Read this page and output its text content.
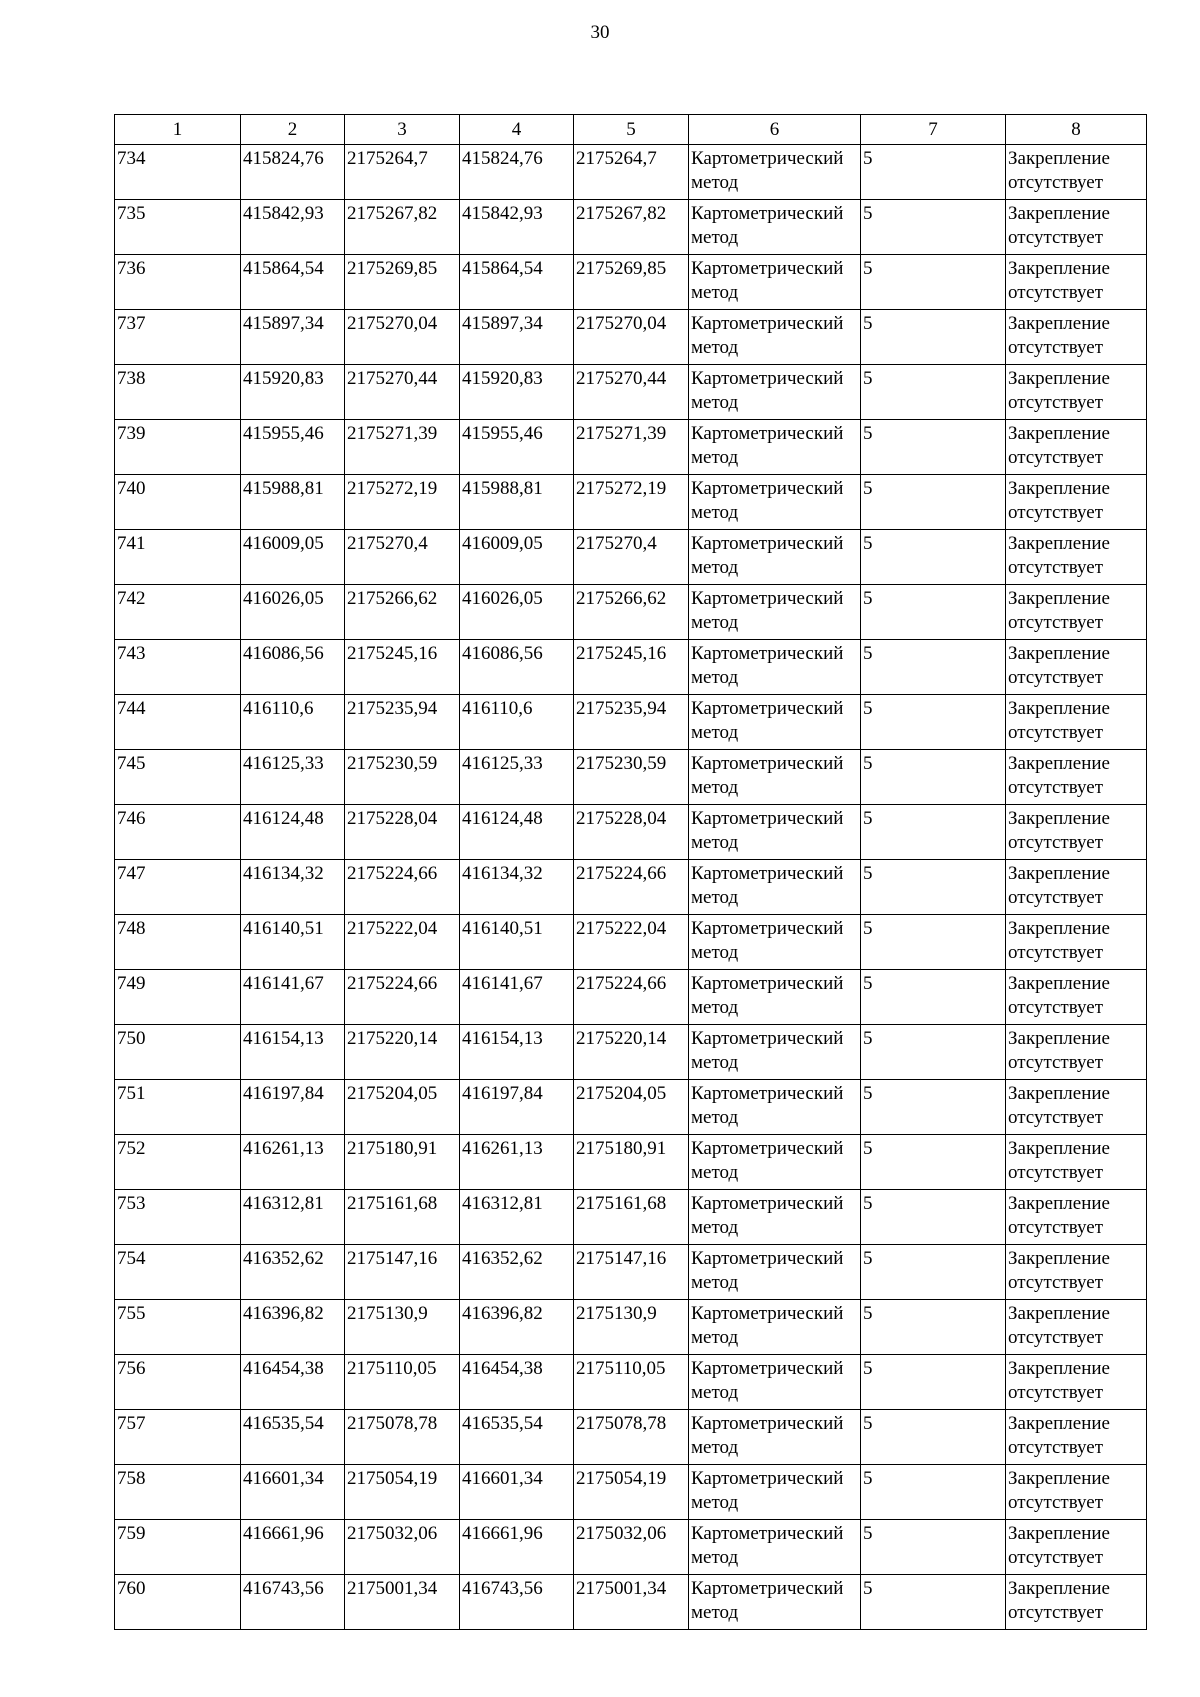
30
1	2	3	4	5	6	7	8
734	415824,76	2175264,7	415824,76	2175264,7	Картометрический метод	5	Закрепление отсутствует
735	415842,93	2175267,82	415842,93	2175267,82	Картометрический метод	5	Закрепление отсутствует
736	415864,54	2175269,85	415864,54	2175269,85	Картометрический метод	5	Закрепление отсутствует
737	415897,34	2175270,04	415897,34	2175270,04	Картометрический метод	5	Закрепление отсутствует
738	415920,83	2175270,44	415920,83	2175270,44	Картометрический метод	5	Закрепление отсутствует
739	415955,46	2175271,39	415955,46	2175271,39	Картометрический метод	5	Закрепление отсутствует
740	415988,81	2175272,19	415988,81	2175272,19	Картометрический метод	5	Закрепление отсутствует
741	416009,05	2175270,4	416009,05	2175270,4	Картометрический метод	5	Закрепление отсутствует
742	416026,05	2175266,62	416026,05	2175266,62	Картометрический метод	5	Закрепление отсутствует
743	416086,56	2175245,16	416086,56	2175245,16	Картометрический метод	5	Закрепление отсутствует
744	416110,6	2175235,94	416110,6	2175235,94	Картометрический метод	5	Закрепление отсутствует
745	416125,33	2175230,59	416125,33	2175230,59	Картометрический метод	5	Закрепление отсутствует
746	416124,48	2175228,04	416124,48	2175228,04	Картометрический метод	5	Закрепление отсутствует
747	416134,32	2175224,66	416134,32	2175224,66	Картометрический метод	5	Закрепление отсутствует
748	416140,51	2175222,04	416140,51	2175222,04	Картометрический метод	5	Закрепление отсутствует
749	416141,67	2175224,66	416141,67	2175224,66	Картометрический метод	5	Закрепление отсутствует
750	416154,13	2175220,14	416154,13	2175220,14	Картометрический метод	5	Закрепление отсутствует
751	416197,84	2175204,05	416197,84	2175204,05	Картометрический метод	5	Закрепление отсутствует
752	416261,13	2175180,91	416261,13	2175180,91	Картометрический метод	5	Закрепление отсутствует
753	416312,81	2175161,68	416312,81	2175161,68	Картометрический метод	5	Закрепление отсутствует
754	416352,62	2175147,16	416352,62	2175147,16	Картометрический метод	5	Закрепление отсутствует
755	416396,82	2175130,9	416396,82	2175130,9	Картометрический метод	5	Закрепление отсутствует
756	416454,38	2175110,05	416454,38	2175110,05	Картометрический метод	5	Закрепление отсутствует
757	416535,54	2175078,78	416535,54	2175078,78	Картометрический метод	5	Закрепление отсутствует
758	416601,34	2175054,19	416601,34	2175054,19	Картометрический метод	5	Закрепление отсутствует
759	416661,96	2175032,06	416661,96	2175032,06	Картометрический метод	5	Закрепление отсутствует
760	416743,56	2175001,34	416743,56	2175001,34	Картометрический метод	5	Закрепление отсутствует
